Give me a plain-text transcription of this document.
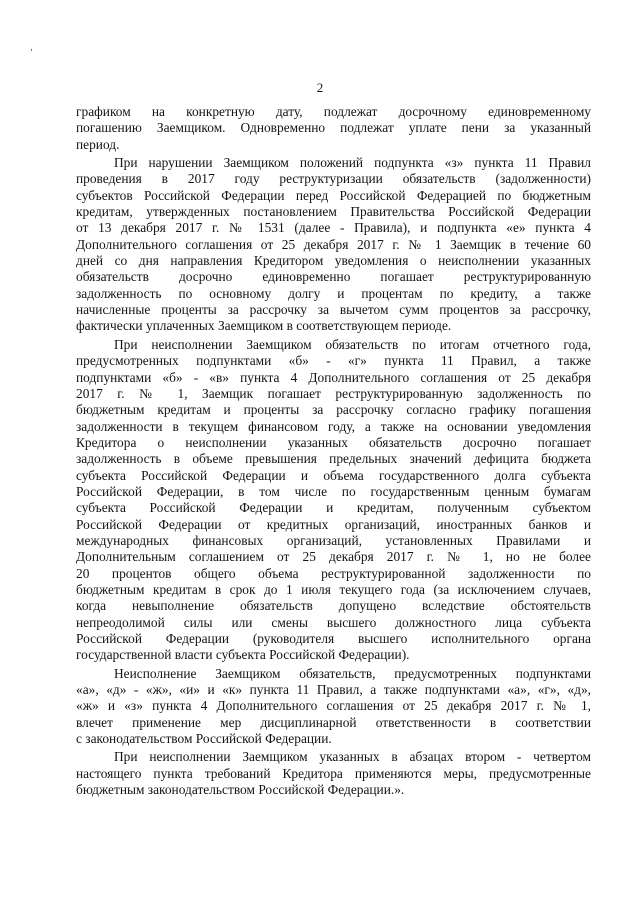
,
2
графиком на конкретную дату, подлежат досрочному единовременному
погашению Заемщиком. Одновременно подлежат уплате пени за указанный
период.
При нарушении Заемщиком положений подпункта «з» пункта 11 Правил
проведения в 2017 году реструктуризации обязательств (задолженности)
субъектов Российской Федерации перед Российской Федерацией по бюджетным
кредитам, утвержденных постановлением Правительства Российской Федерации
от 13 декабря 2017 г. № 1531 (далее - Правила), и подпункта «е» пункта 4
Дополнительного соглашения от 25 декабря 2017 г. № 1 Заемщик в течение 60
дней со дня направления Кредитором уведомления о неисполнении указанных
обязательств досрочно единовременно погашает реструктурированную
задолженность по основному долгу и процентам по кредиту, а также
начисленные проценты за рассрочку за вычетом сумм процентов за рассрочку,
фактически уплаченных Заемщиком в соответствующем периоде.
При неисполнении Заемщиком обязательств по итогам отчетного года,
предусмотренных подпунктами «б» - «г» пункта 11 Правил, а также
подпунктами «б» - «в» пункта 4 Дополнительного соглашения от 25 декабря
2017 г. № 1, Заемщик погашает реструктурированную задолженность по
бюджетным кредитам и проценты за рассрочку согласно графику погашения
задолженности в текущем финансовом году, а также на основании уведомления
Кредитора о неисполнении указанных обязательств досрочно погашает
задолженность в объеме превышения предельных значений дефицита бюджета
субъекта Российской Федерации и объема государственного долга субъекта
Российской Федерации, в том числе по государственным ценным бумагам
субъекта Российской Федерации и кредитам, полученным субъектом
Российской Федерации от кредитных организаций, иностранных банков и
международных финансовых организаций, установленных Правилами и
Дополнительным соглашением от 25 декабря 2017 г. № 1, но не более
20 процентов общего объема реструктурированной задолженности по
бюджетным кредитам в срок до 1 июля текущего года (за исключением случаев,
когда невыполнение обязательств допущено вследствие обстоятельств
непреодолимой силы или смены высшего должностного лица субъекта
Российской Федерации (руководителя высшего исполнительного органа
государственной власти субъекта Российской Федерации).
Неисполнение Заемщиком обязательств, предусмотренных подпунктами
«а», «д» - «ж», «и» и «к» пункта 11 Правил, а также подпунктами «а», «г», «д»,
«ж» и «з» пункта 4 Дополнительного соглашения от 25 декабря 2017 г. № 1,
влечет применение мер дисциплинарной ответственности в соответствии
с законодательством Российской Федерации.
При неисполнении Заемщиком указанных в абзацах втором - четвертом
настоящего пункта требований Кредитора применяются меры, предусмотренные
бюджетным законодательством Российской Федерации.».
